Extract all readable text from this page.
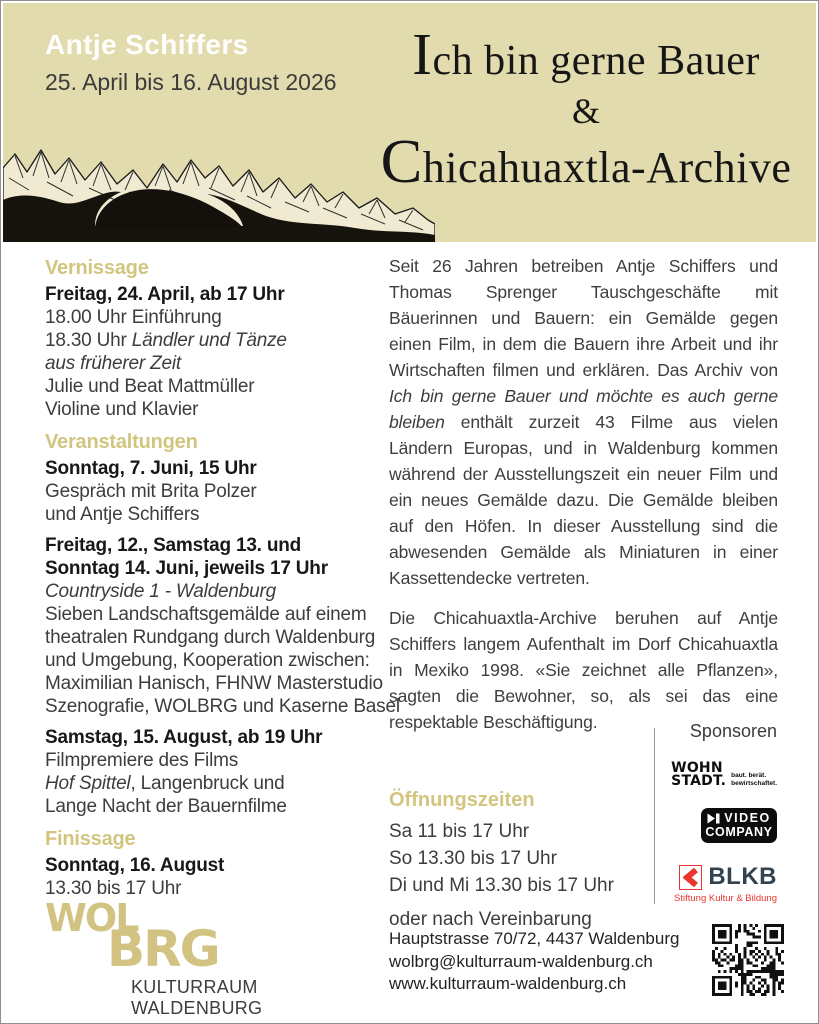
Antje Schiffers
25. April bis 16. August 2026	Ich bin gerne Bauer
&
Chicahuaxtla-Archive
Vernissage
Freitag, 24. April, ab 17 Uhr
18.00 Uhr Einführung
18.30 Uhr Ländler und Tänze
aus früherer Zeit
Julie und Beat Mattmüller
Violine und Klavier
Veranstaltungen
Sonntag, 7. Juni, 15 Uhr
Gespräch mit Brita Polzer
und Antje Schiffers
Freitag, 12., Samstag 13. und
Sonntag 14. Juni, jeweils 17 Uhr
Countryside 1 - Waldenburg
Sieben Landschaftsgemälde auf einem
theatralen Rundgang durch Waldenburg
und Umgebung, Kooperation zwischen:
Maximilian Hanisch, FHNW Masterstudio
Szenografie, WOLBRG und Kaserne Basel
Samstag, 15. August, ab 19 Uhr
Filmpremiere des Films
Hof Spittel, Langenbruck und
Lange Nacht der Bauernfilme
Finissage
Sonntag, 16. August
13.30 bis 17 Uhr

Seit 26 Jahren betreiben Antje Schiffers und Thomas Sprenger Tauschgeschäfte mit Bäuerinnen und Bauern: ein Gemälde gegen einen Film, in dem die Bauern ihre Arbeit und ihr Wirtschaften filmen und erklären. Das Archiv von Ich bin gerne Bauer und möchte es auch gerne bleiben enthält zurzeit 43 Filme aus vielen Ländern Europas, und in Waldenburg kommen während der Ausstellungszeit ein neuer Film und ein neues Gemälde dazu. Die Gemälde bleiben auf den Höfen. In dieser Ausstellung sind die abwesenden Gemälde als Miniaturen in einer Kassettendecke vertreten.

Die Chicahuaxtla-Archive beruhen auf Antje Schiffers langem Aufenthalt im Dorf Chicahuaxtla in Mexiko 1998. «Sie zeichnet alle Pflanzen», sagten die Bewohner, so, als sei das eine respektable Beschäftigung.

Öffnungszeiten
Sa 11 bis 17 Uhr
So 13.30 bis 17 Uhr
Di und Mi 13.30 bis 17 Uhr
oder nach Vereinbarung
Sponsoren
WOHN
STADT. baut. berät.
bewirtschaftet.
VIDEO
COMPANY
BLKB
Stiftung Kultur & Bildung
Hauptstrasse 70/72, 4437 Waldenburg
wolbrg@kulturraum-waldenburg.ch
www.kulturraum-waldenburg.ch
WOL
BRG
KULTURRAUM WALDENBURG
